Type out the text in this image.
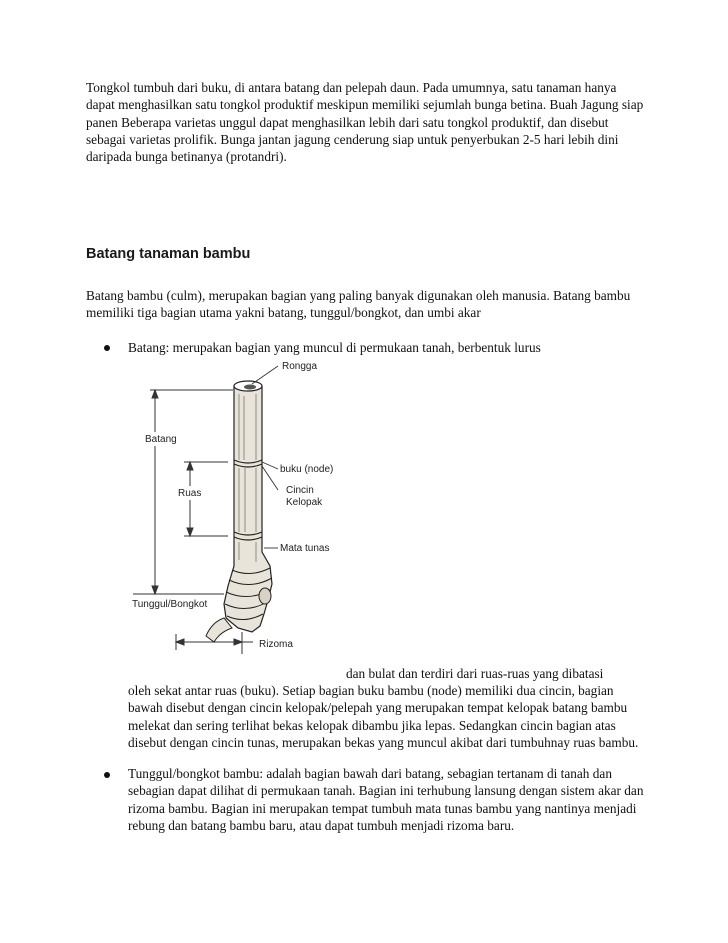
Tongkol tumbuh dari buku, di antara batang dan pelepah daun. Pada umumnya, satu tanaman hanya dapat menghasilkan satu tongkol produktif meskipun memiliki sejumlah bunga betina. Buah Jagung siap panen Beberapa varietas unggul dapat menghasilkan lebih dari satu tongkol produktif, dan disebut sebagai varietas prolifik. Bunga jantan jagung cenderung siap untuk penyerbukan 2-5 hari lebih dini daripada bunga betinanya (protandri).
Batang tanaman bambu
Batang bambu (culm), merupakan bagian yang paling banyak digunakan oleh manusia. Batang bambu memiliki tiga bagian utama yakni batang, tunggul/bongkot, dan umbi akar
Batang: merupakan bagian yang muncul di permukaan tanah, berbentuk lurus
Batang
Ruas
Tunggul/Bongkot
Rizoma
Rongga
buku (node)
Cincin
Kelopak
Mata tunas
dan bulat dan terdiri dari ruas-ruas yang dibatasi
oleh sekat antar ruas (buku). Setiap bagian buku bambu (node) memiliki dua cincin, bagian bawah disebut dengan cincin kelopak/pelepah yang merupakan tempat kelopak batang bambu melekat dan sering terlihat bekas kelopak dibambu jika lepas. Sedangkan cincin bagian atas disebut dengan cincin tunas, merupakan bekas yang muncul akibat dari tumbuhnay ruas bambu.
Tunggul/bongkot bambu: adalah bagian bawah dari batang, sebagian tertanam di tanah dan sebagian dapat dilihat di permukaan tanah. Bagian ini terhubung lansung dengan sistem akar dan rizoma bambu. Bagian ini merupakan tempat tumbuh mata tunas bambu yang nantinya menjadi rebung dan batang bambu baru, atau dapat tumbuh menjadi rizoma baru.
